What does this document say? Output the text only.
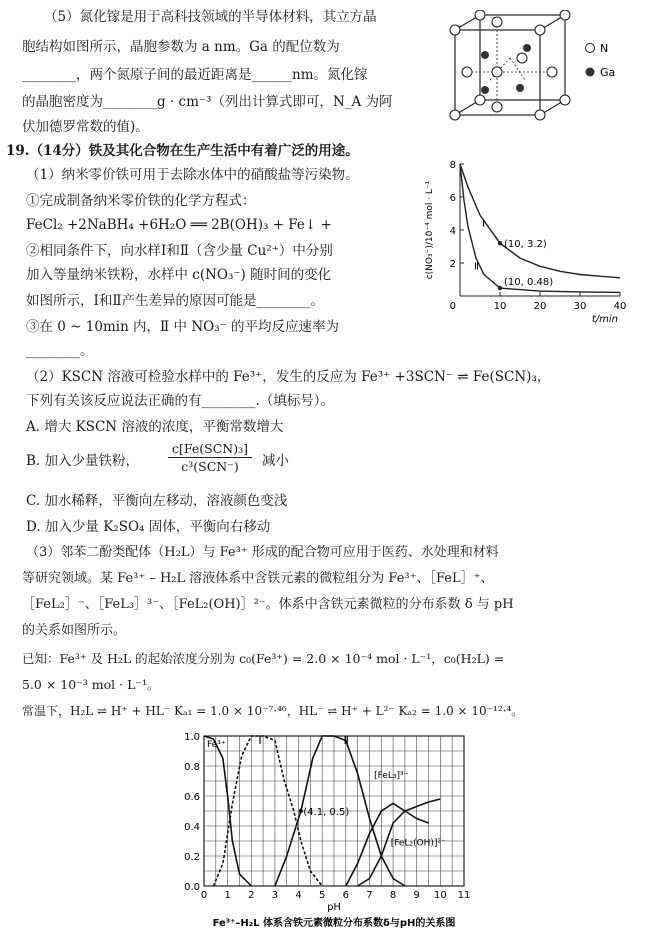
（5）氮化镓是用于高科技领域的半导体材料，其立方晶
胞结构如图所示，晶胞参数为 a nm。Ga 的配位数为
________，两个氮原子间的最近距离是______nm。氮化镓
的晶胞密度为________g · cm⁻³（列出计算式即可，N_A 为阿
伏加德罗常数的值)。
N
Ga
19.（14分）铁及其化合物在生产生活中有着广泛的用途。
（1）纳米零价铁可用于去除水体中的硝酸盐等污染物。
①完成制备纳米零价铁的化学方程式：
FeCl₂ +2NaBH₄ +6H₂O ══ 2B(OH)₃ + Fe↓ +
②相同条件下，向水样Ⅰ和Ⅱ（含少量 Cu²⁺）中分别
加入等量纳米铁粉，水样中 c(NO₃⁻) 随时间的变化
如图所示，Ⅰ和Ⅱ产生差异的原因可能是________。
③在 0 ~ 10min 内，Ⅱ 中 NO₃⁻ 的平均反应速率为
________。
10	20	30	40
0
2
4
6
8
t/min
c(NO₃⁻)/10⁻⁴ mol · L⁻¹	(10, 3.2)
(10, 0.48)
Ⅰ
Ⅱ
（2）KSCN 溶液可检验水样中的 Fe³⁺，发生的反应为 Fe³⁺ +3SCN⁻ ⇌ Fe(SCN)₃，
下列有关该反应说法正确的有________.（填标号）。
A. 增大 KSCN 溶液的浓度，平衡常数增大
B. 加入少量铁粉，
c[Fe(SCN)₃]
c³(SCN⁻)	减小
C. 加水稀释，平衡向左移动，溶液颜色变浅
D. 加入少量 K₂SO₄ 固体，平衡向右移动
（3）邻苯二酚类配体（H₂L）与 Fe³⁺ 形成的配合物可应用于医药、水处理和材料
等研究领域。某 Fe³⁺ – H₂L 溶液体系中含铁元素的微粒组分为 Fe³⁺、［FeL］⁺、
［FeL₂］⁻、［FeL₃］³⁻、［FeL₂(OH)］²⁻。体系中含铁元素微粒的分布系数 δ 与 pH
的关系如图所示。
已知：Fe³⁺ 及 H₂L 的起始浓度分别为 c₀(Fe³⁺) = 2.0 × 10⁻⁴ mol · L⁻¹，c₀(H₂L) =
5.0 × 10⁻³ mol · L⁻¹。
常温下，H₂L ⇌ H⁺ + HL⁻ Kₐ₁ = 1.0 × 10⁻⁷·⁴⁶，HL⁻ ⇌ H⁺ + L²⁻ Kₐ₂ = 1.0 × 10⁻¹²·⁴。
0 1 2 3 4 5 6 7 8 9 10 11
0.0
0.2
0.4
0.6
0.8
1.0
pH
Fe³⁺	Ⅰ	Ⅱ
[FeL₃]³⁻
[FeL₂(OH)]²⁻
(4.1, 0.5)
Fe³⁺–H₂L 体系含铁元素微粒分布系数δ与pH的关系图
